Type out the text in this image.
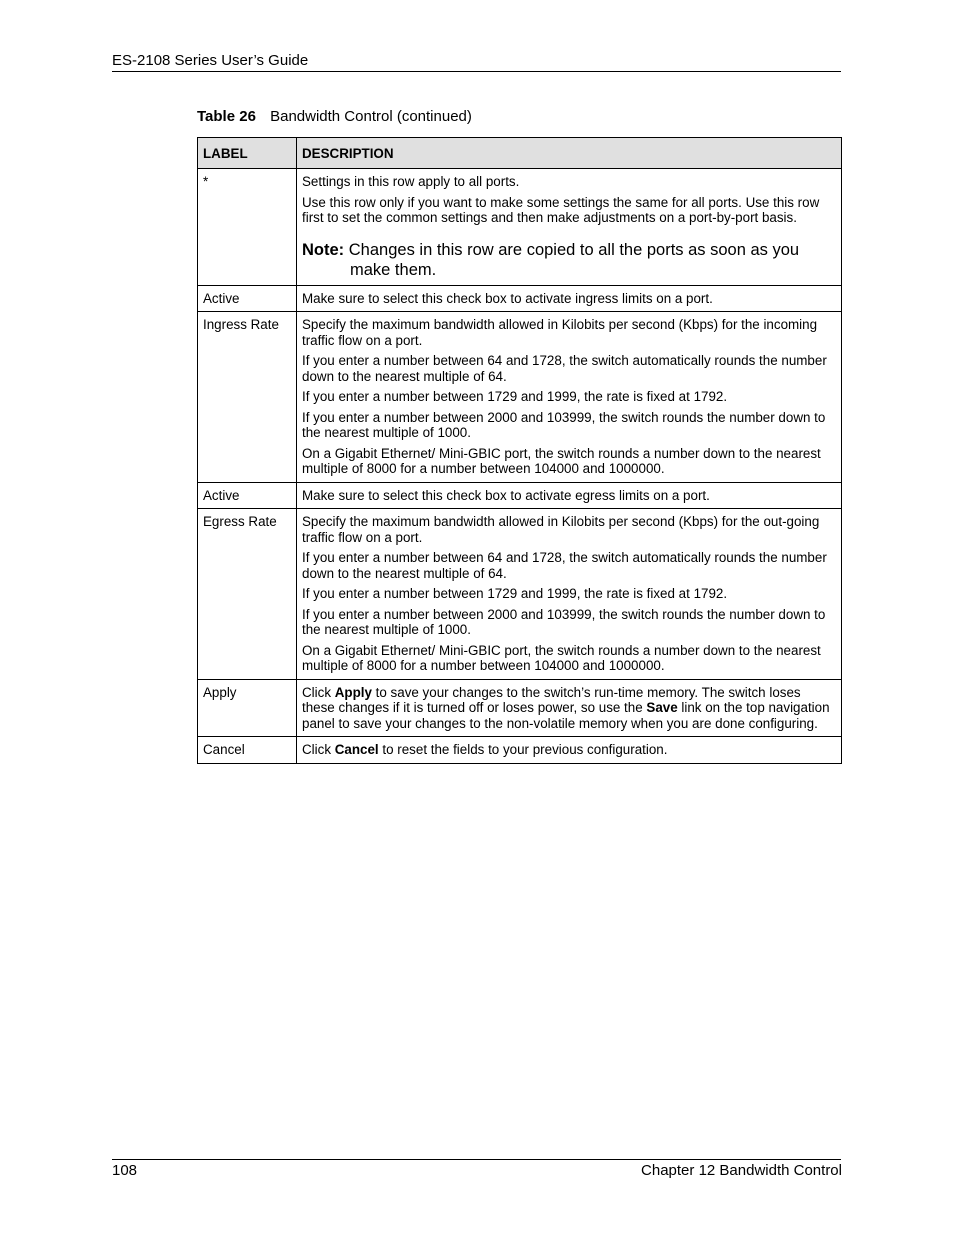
ES-2108 Series User’s Guide
Table 26 Bandwidth Control (continued)
LABEL	DESCRIPTION
*	Settings in this row apply to all ports.
Use this row only if you want to make some settings the same for all ports. Use this row first to set the common settings and then make adjustments on a port-by-port basis.
Note: Changes in this row are copied to all the ports as soon as you make them.

Active	Make sure to select this check box to activate ingress limits on a port.

Ingress Rate	Specify the maximum bandwidth allowed in Kilobits per second (Kbps) for the incoming traffic flow on a port.
If you enter a number between 64 and 1728, the switch automatically rounds the number down to the nearest multiple of 64.
If you enter a number between 1729 and 1999, the rate is fixed at 1792.
If you enter a number between 2000 and 103999, the switch rounds the number down to the nearest multiple of 1000.
On a Gigabit Ethernet/ Mini-GBIC port, the switch rounds a number down to the nearest multiple of 8000 for a number between 104000 and 1000000.

Active	Make sure to select this check box to activate egress limits on a port.

Egress Rate	Specify the maximum bandwidth allowed in Kilobits per second (Kbps) for the out-going traffic flow on a port.
If you enter a number between 64 and 1728, the switch automatically rounds the number down to the nearest multiple of 64.
If you enter a number between 1729 and 1999, the rate is fixed at 1792.
If you enter a number between 2000 and 103999, the switch rounds the number down to the nearest multiple of 1000.
On a Gigabit Ethernet/ Mini-GBIC port, the switch rounds a number down to the nearest multiple of 8000 for a number between 104000 and 1000000.

Apply	Click Apply to save your changes to the switch’s run-time memory. The switch loses these changes if it is turned off or loses power, so use the Save link on the top navigation panel to save your changes to the non-volatile memory when you are done configuring.

Cancel	Click Cancel to reset the fields to your previous configuration.
108	Chapter 12 Bandwidth Control
